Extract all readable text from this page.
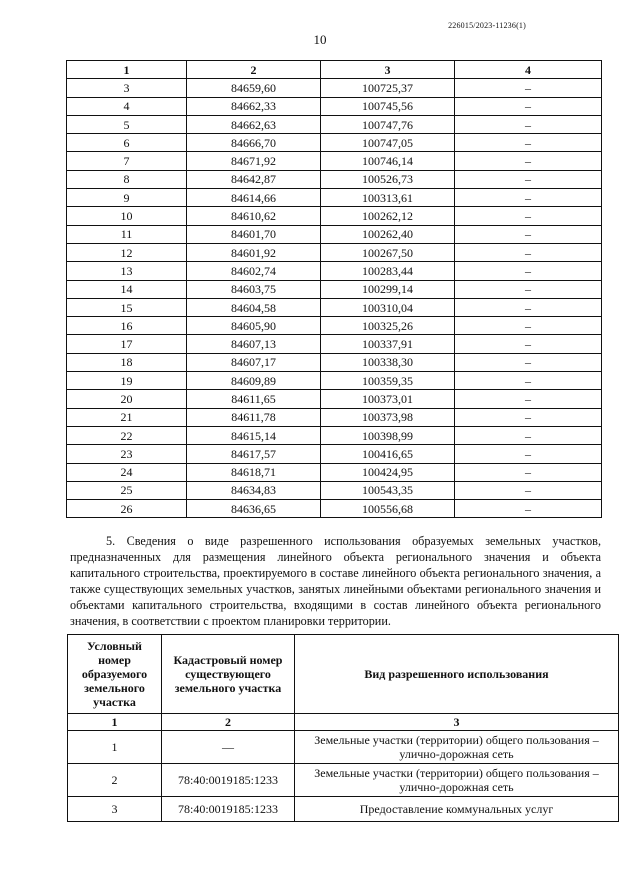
226015/2023-11236(1)
10
1	2	3	4
3	84659,60	100725,37	–
4	84662,33	100745,56	–
5	84662,63	100747,76	–
6	84666,70	100747,05	–
7	84671,92	100746,14	–
8	84642,87	100526,73	–
9	84614,66	100313,61	–
10	84610,62	100262,12	–
11	84601,70	100262,40	–
12	84601,92	100267,50	–
13	84602,74	100283,44	–
14	84603,75	100299,14	–
15	84604,58	100310,04	–
16	84605,90	100325,26	–
17	84607,13	100337,91	–
18	84607,17	100338,30	–
19	84609,89	100359,35	–
20	84611,65	100373,01	–
21	84611,78	100373,98	–
22	84615,14	100398,99	–
23	84617,57	100416,65	–
24	84618,71	100424,95	–
25	84634,83	100543,35	–
26	84636,65	100556,68	–

5. Сведения о виде разрешенного использования образуемых земельных участков, предназначенных для размещения линейного объекта регионального значения и объекта капитального строительства, проектируемого в составе линейного объекта регионального значения, а также существующих земельных участков, занятых линейными объектами регионального значения и объектами капитального строительства, входящими в состав линейного объекта регионального значения, в соответствии с проектом планировки территории.

Условный номер образуемого земельного участка	Кадастровый номер существующего земельного участка	Вид разрешенного использования
1	2	3
1	—	Земельные участки (территории) общего пользования – улично-дорожная сеть
2	78:40:0019185:1233	Земельные участки (территории) общего пользования – улично-дорожная сеть
3	78:40:0019185:1233	Предоставление коммунальных услуг
